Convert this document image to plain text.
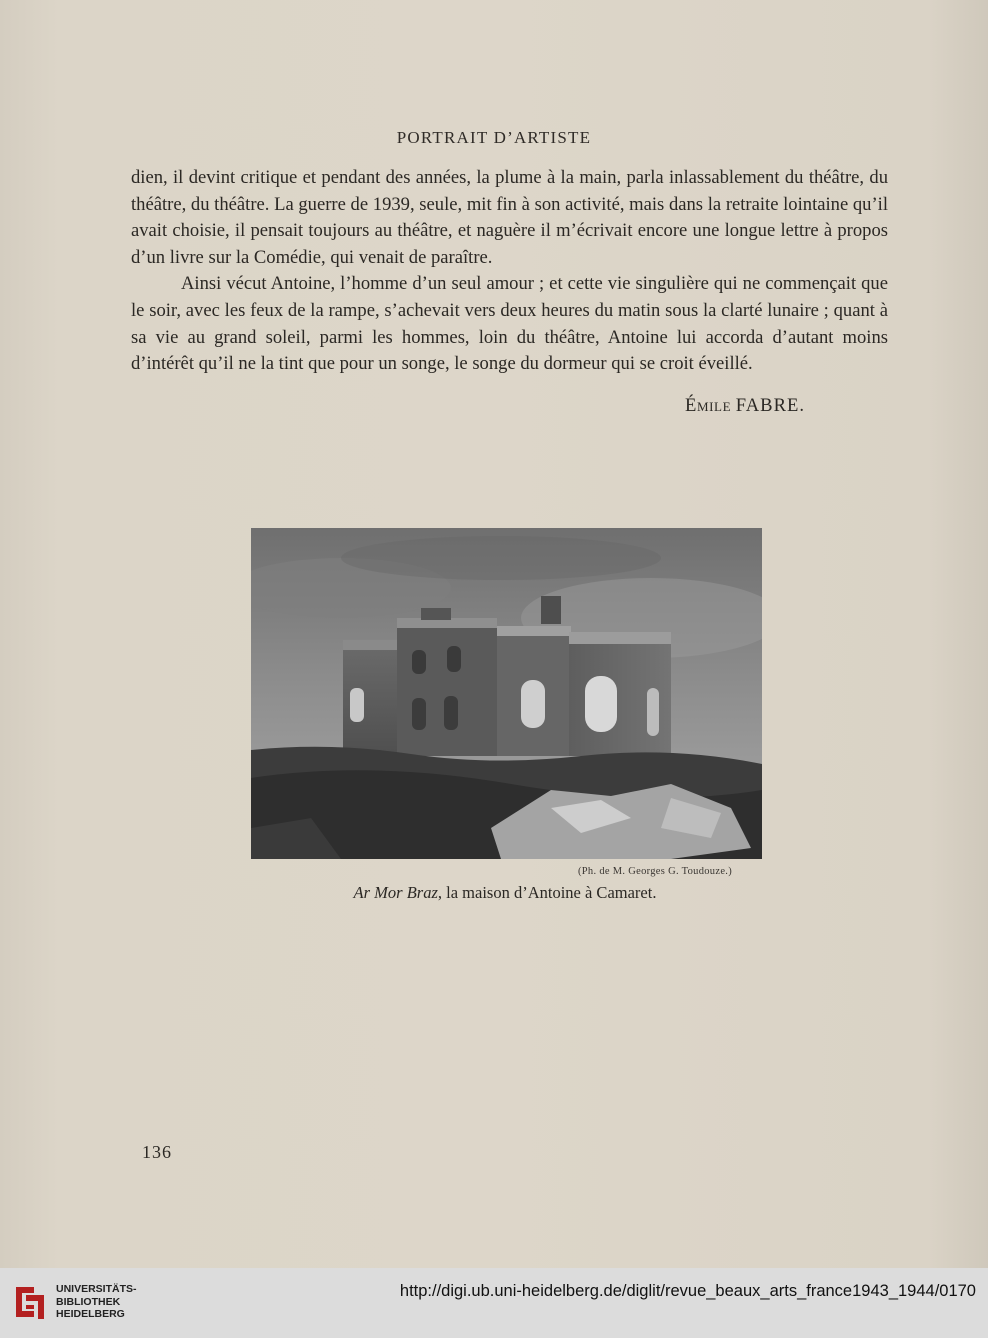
PORTRAIT D’ARTISTE

dien, il devint critique et pendant des années, la plume à la main, parla inlassablement du théâtre, du théâtre, du théâtre. La guerre de 1939, seule, mit fin à son activité, mais dans la retraite lointaine qu’il avait choisie, il pensait toujours au théâtre, et naguère il m’écrivait encore une longue lettre à propos d’un livre sur la Comédie, qui venait de paraître.

Ainsi vécut Antoine, l’homme d’un seul amour ; et cette vie singulière qui ne commençait que le soir, avec les feux de la rampe, s’achevait vers deux heures du matin sous la clarté lunaire ; quant à sa vie au grand soleil, parmi les hommes, loin du théâtre, Antoine lui accorda d’autant moins d’intérêt qu’il ne la tint que pour un songe, le songe du dormeur qui se croit éveillé.

Émile FABRE.
(Ph. de M. Georges G. Toudouze.)
Ar Mor Braz, la maison d’Antoine à Camaret.
136
UNIVERSITÄTS-
BIBLIOTHEK
HEIDELBERG
http://digi.ub.uni-heidelberg.de/diglit/revue_beaux_arts_france1943_1944/0170
